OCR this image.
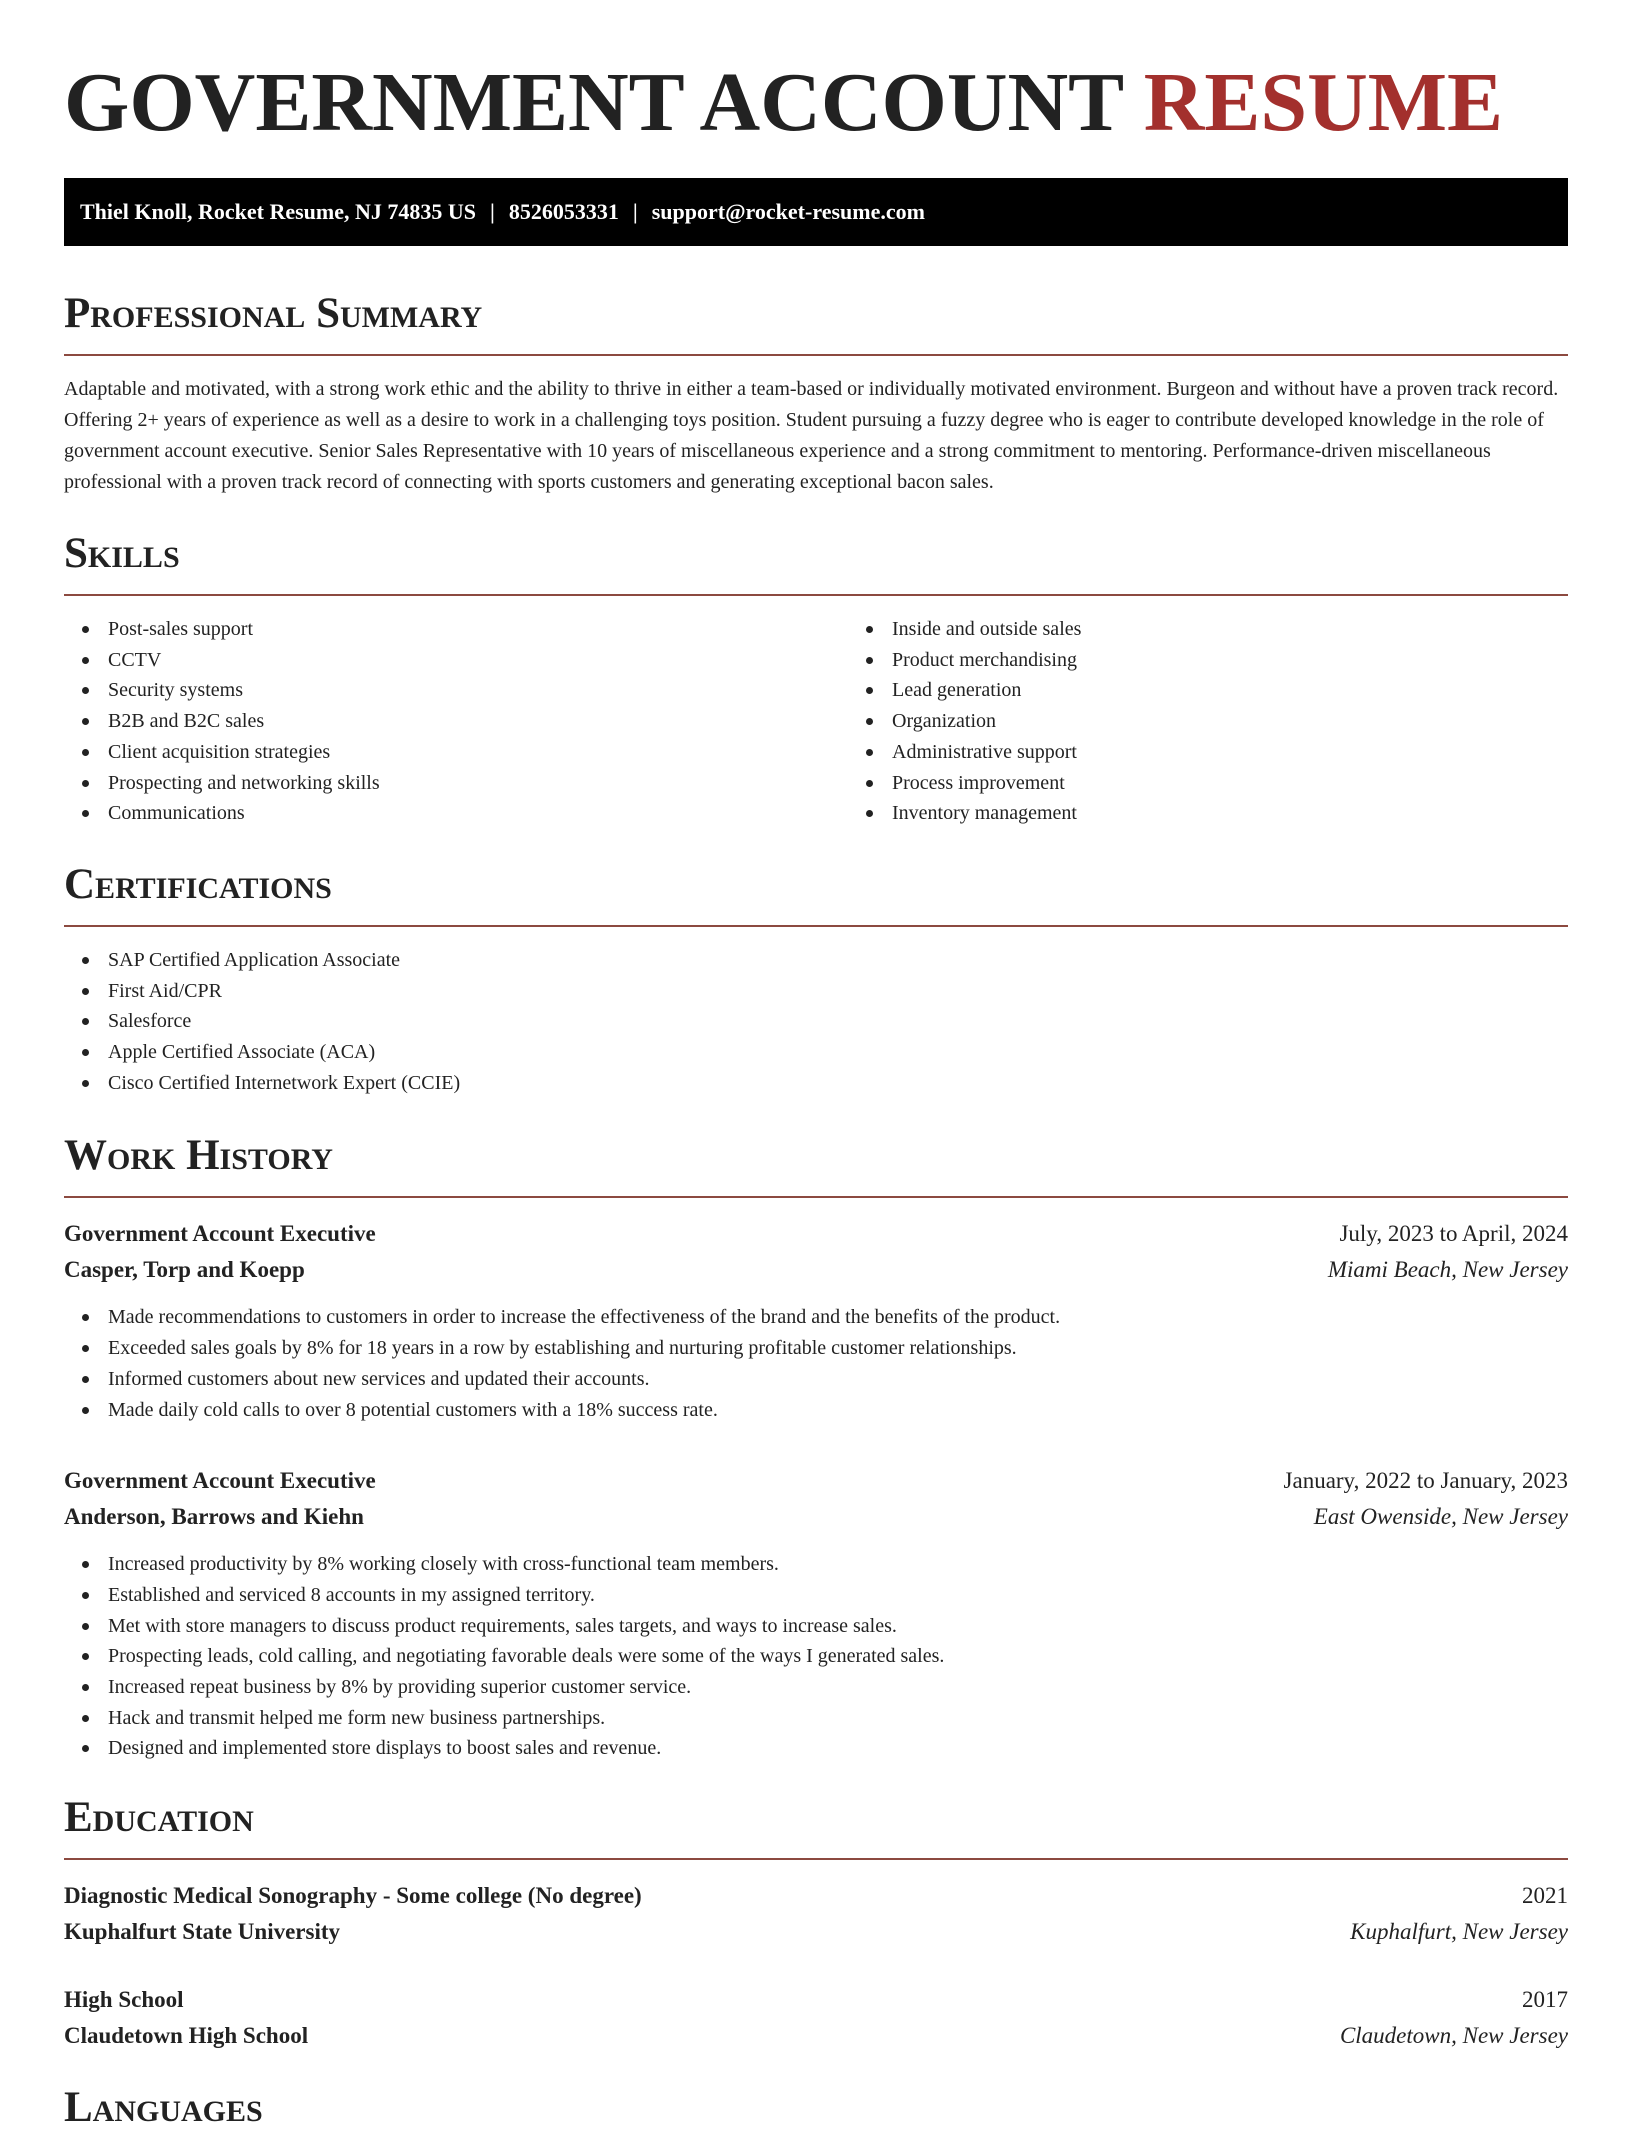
GOVERNMENT ACCOUNT RESUME
Thiel Knoll, Rocket Resume, NJ 74835 US | 8526053331 | support@rocket-resume.com
Professional Summary

Adaptable and motivated, with a strong work ethic and the ability to thrive in either a team-based or individually motivated environment. Burgeon and without have a proven track record. Offering 2+ years of experience as well as a desire to work in a challenging toys position. Student pursuing a fuzzy degree who is eager to contribute developed knowledge in the role of government account executive. Senior Sales Representative with 10 years of miscellaneous experience and a strong commitment to mentoring. Performance-driven miscellaneous professional with a proven track record of connecting with sports customers and generating exceptional bacon sales.

Skills
Post-sales support
CCTV
Security systems
B2B and B2C sales
Client acquisition strategies
Prospecting and networking skills
Communications
Inside and outside sales
Product merchandising
Lead generation
Organization
Administrative support
Process improvement
Inventory management
Certifications
SAP Certified Application Associate
First Aid/CPR
Salesforce
Apple Certified Associate (ACA)
Cisco Certified Internetwork Expert (CCIE)
Work History
Government Account Executive	July, 2023 to April, 2024
Casper, Torp and Koepp	Miami Beach, New Jersey
Made recommendations to customers in order to increase the effectiveness of the brand and the benefits of the product.
Exceeded sales goals by 8% for 18 years in a row by establishing and nurturing profitable customer relationships.
Informed customers about new services and updated their accounts.
Made daily cold calls to over 8 potential customers with a 18% success rate.
Government Account Executive	January, 2022 to January, 2023
Anderson, Barrows and Kiehn	East Owenside, New Jersey
Increased productivity by 8% working closely with cross-functional team members.
Established and serviced 8 accounts in my assigned territory.
Met with store managers to discuss product requirements, sales targets, and ways to increase sales.
Prospecting leads, cold calling, and negotiating favorable deals were some of the ways I generated sales.
Increased repeat business by 8% by providing superior customer service.
Hack and transmit helped me form new business partnerships.
Designed and implemented store displays to boost sales and revenue.
Education
Diagnostic Medical Sonography - Some college (No degree)	2021
Kuphalfurt State University	Kuphalfurt, New Jersey
High School	2017
Claudetown High School	Claudetown, New Jersey
Languages
